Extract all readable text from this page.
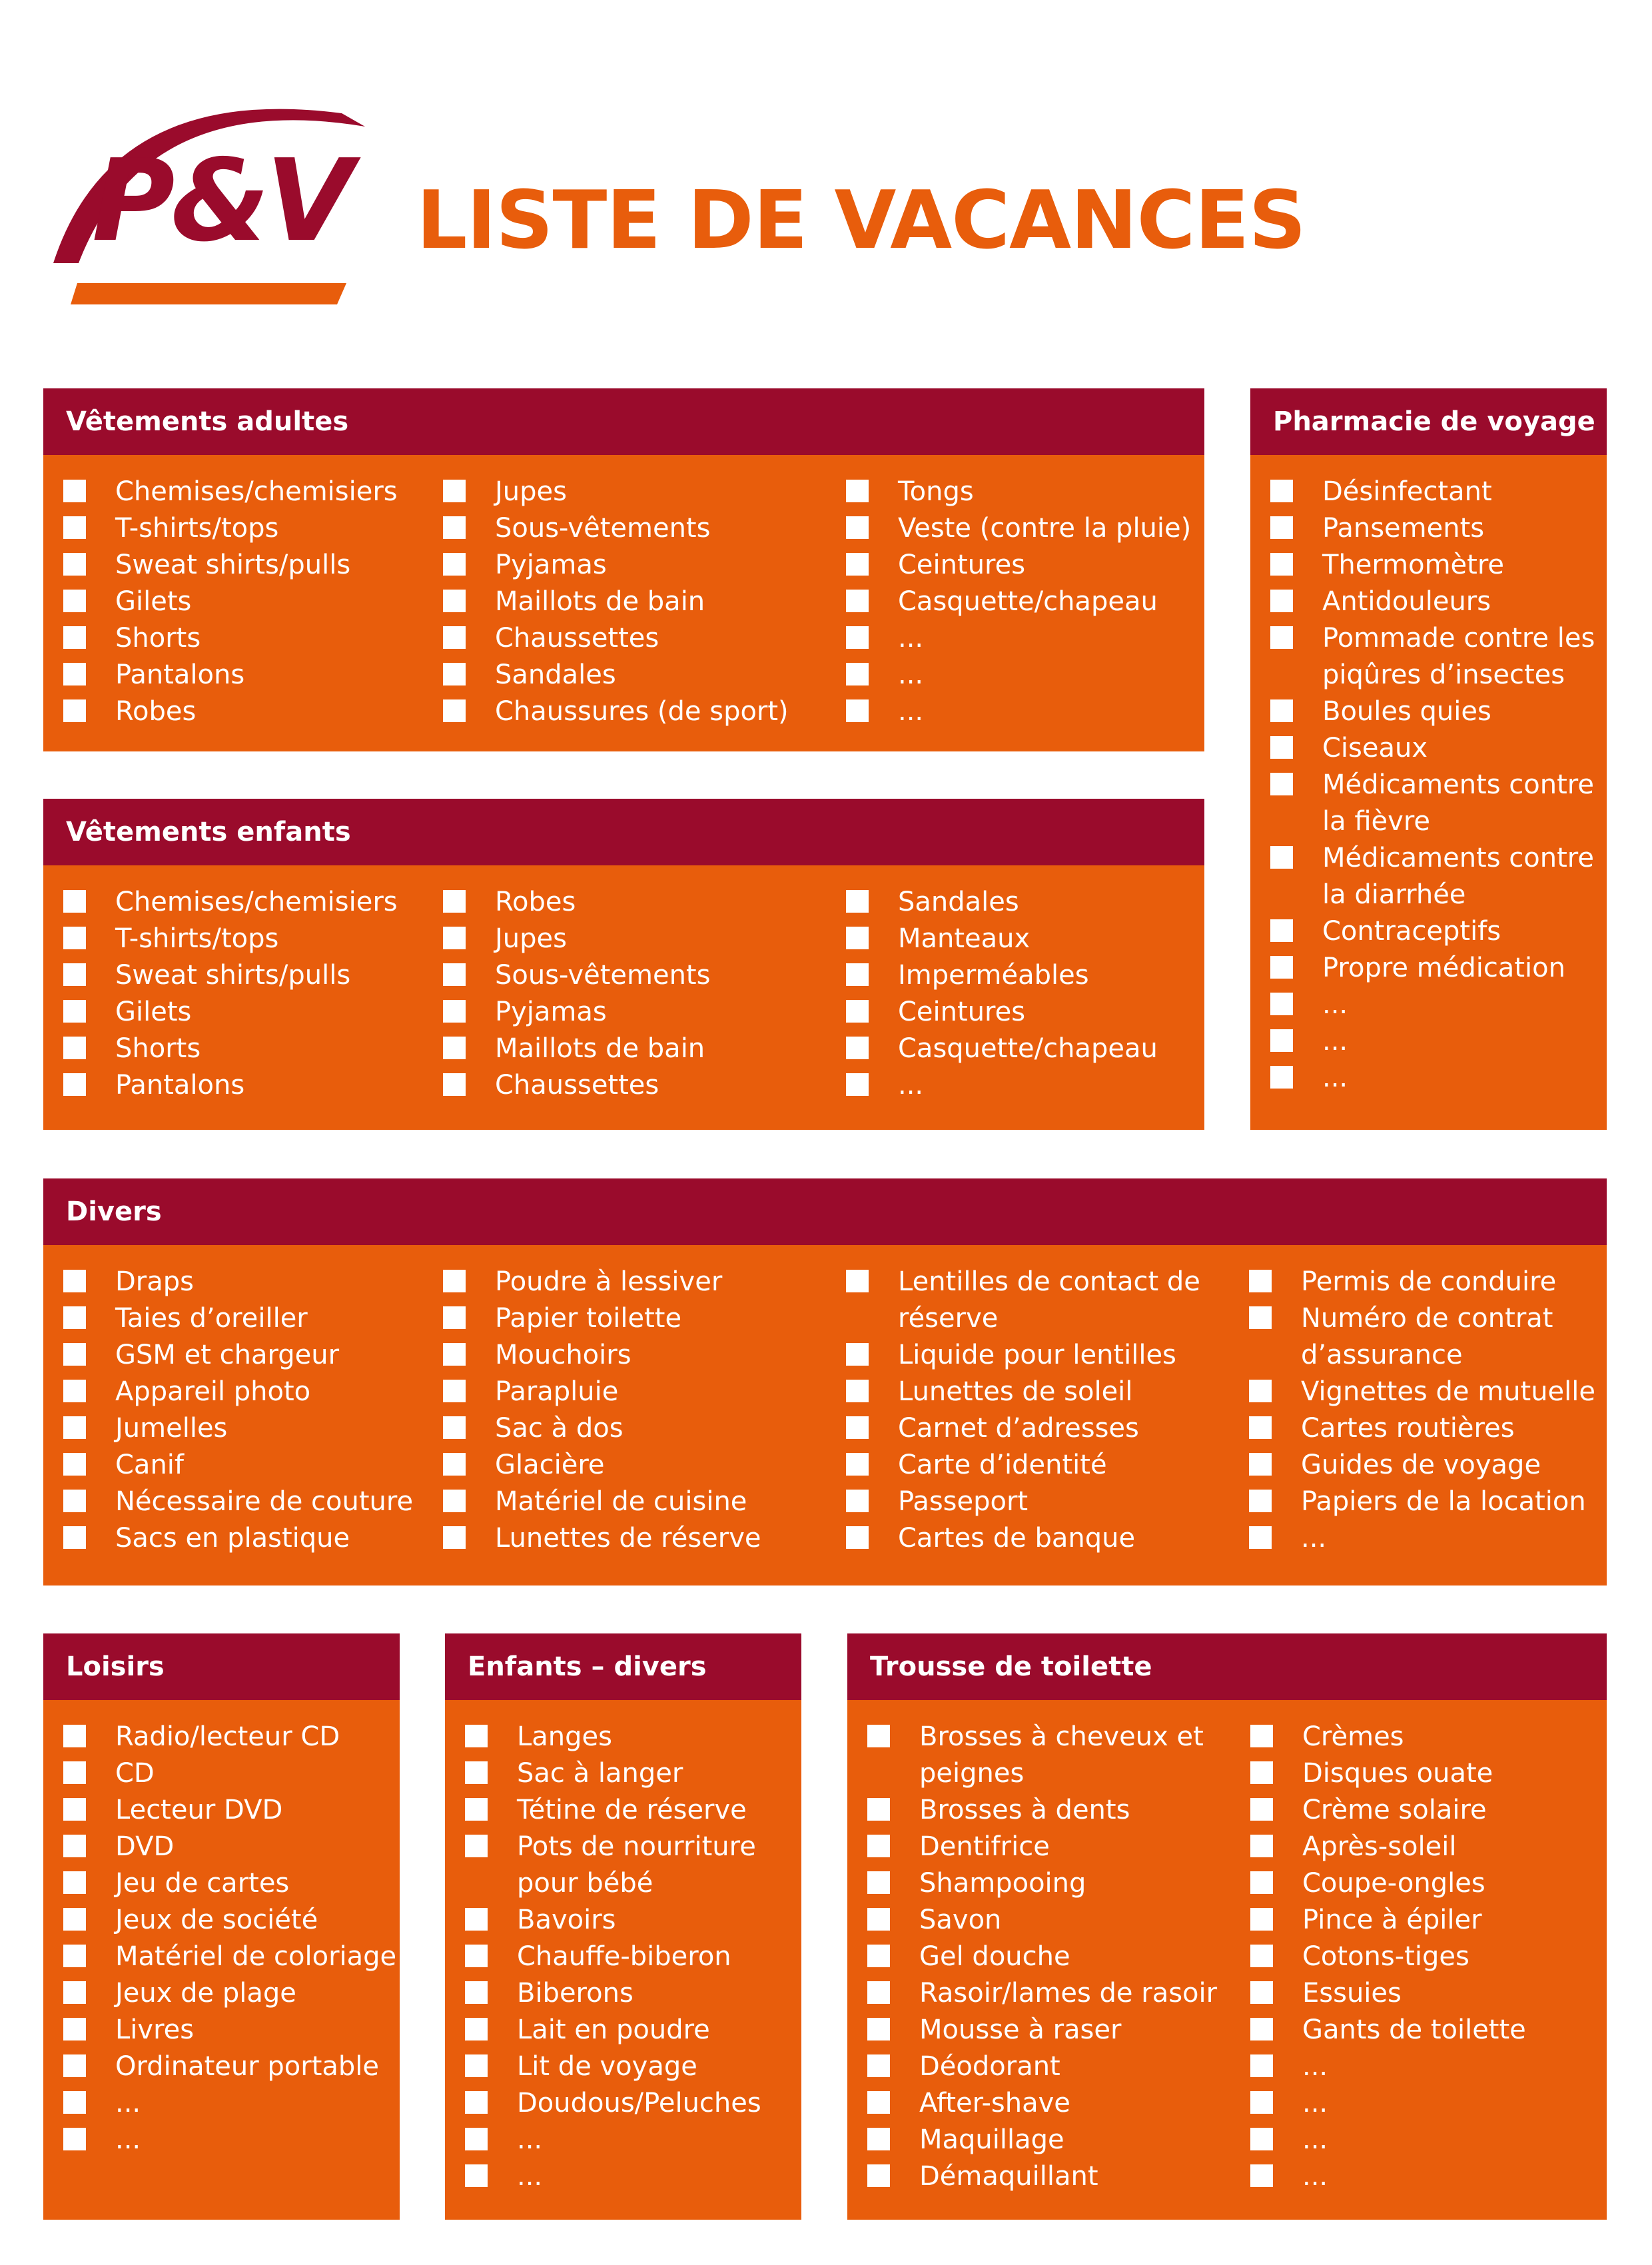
P&V LISTE DE VACANCES
Vêtements adultes
Chemises/chemisiers
T-shirts/tops
Sweat shirts/pulls
Gilets
Shorts
Pantalons
Robes
Jupes
Sous-vêtements
Pyjamas
Maillots de bain
Chaussettes
Sandales
Chaussures (de sport)
Tongs
Veste (contre la pluie)
Ceintures
Casquette/chapeau
...
...
...
Vêtements enfants
Chemises/chemisiers
T-shirts/tops
Sweat shirts/pulls
Gilets
Shorts
Pantalons
Robes
Jupes
Sous-vêtements
Pyjamas
Maillots de bain
Chaussettes
Sandales
Manteaux
Imperméables
Ceintures
Casquette/chapeau
...
Pharmacie de voyage
Désinfectant
Pansements
Thermomètre
Antidouleurs
Pommade contre les
piqûres d’insectes
Boules quies
Ciseaux
Médicaments contre
la fièvre
Médicaments contre
la diarrhée
Contraceptifs
Propre médication
...
...
...
Divers
Draps
Taies d’oreiller
GSM et chargeur
Appareil photo
Jumelles
Canif
Nécessaire de couture
Sacs en plastique
Poudre à lessiver
Papier toilette
Mouchoirs
Parapluie
Sac à dos
Glacière
Matériel de cuisine
Lunettes de réserve
Lentilles de contact de
réserve
Liquide pour lentilles
Lunettes de soleil
Carnet d’adresses
Carte d’identité
Passeport
Cartes de banque
Permis de conduire
Numéro de contrat
d’assurance
Vignettes de mutuelle
Cartes routières
Guides de voyage
Papiers de la location
...
Loisirs
Radio/lecteur CD
CD
Lecteur DVD
DVD
Jeu de cartes
Jeux de société
Matériel de coloriage
Jeux de plage
Livres
Ordinateur portable
...
...
Enfants – divers
Langes
Sac à langer
Tétine de réserve
Pots de nourriture
pour bébé
Bavoirs
Chauffe-biberon
Biberons
Lait en poudre
Lit de voyage
Doudous/Peluches
...
...
Trousse de toilette
Brosses à cheveux et
peignes
Brosses à dents
Dentifrice
Shampooing
Savon
Gel douche
Rasoir/lames de rasoir
Mousse à raser
Déodorant
After-shave
Maquillage
Démaquillant
Crèmes
Disques ouate
Crème solaire
Après-soleil
Coupe-ongles
Pince à épiler
Cotons-tiges
Essuies
Gants de toilette
...
...
...
...
